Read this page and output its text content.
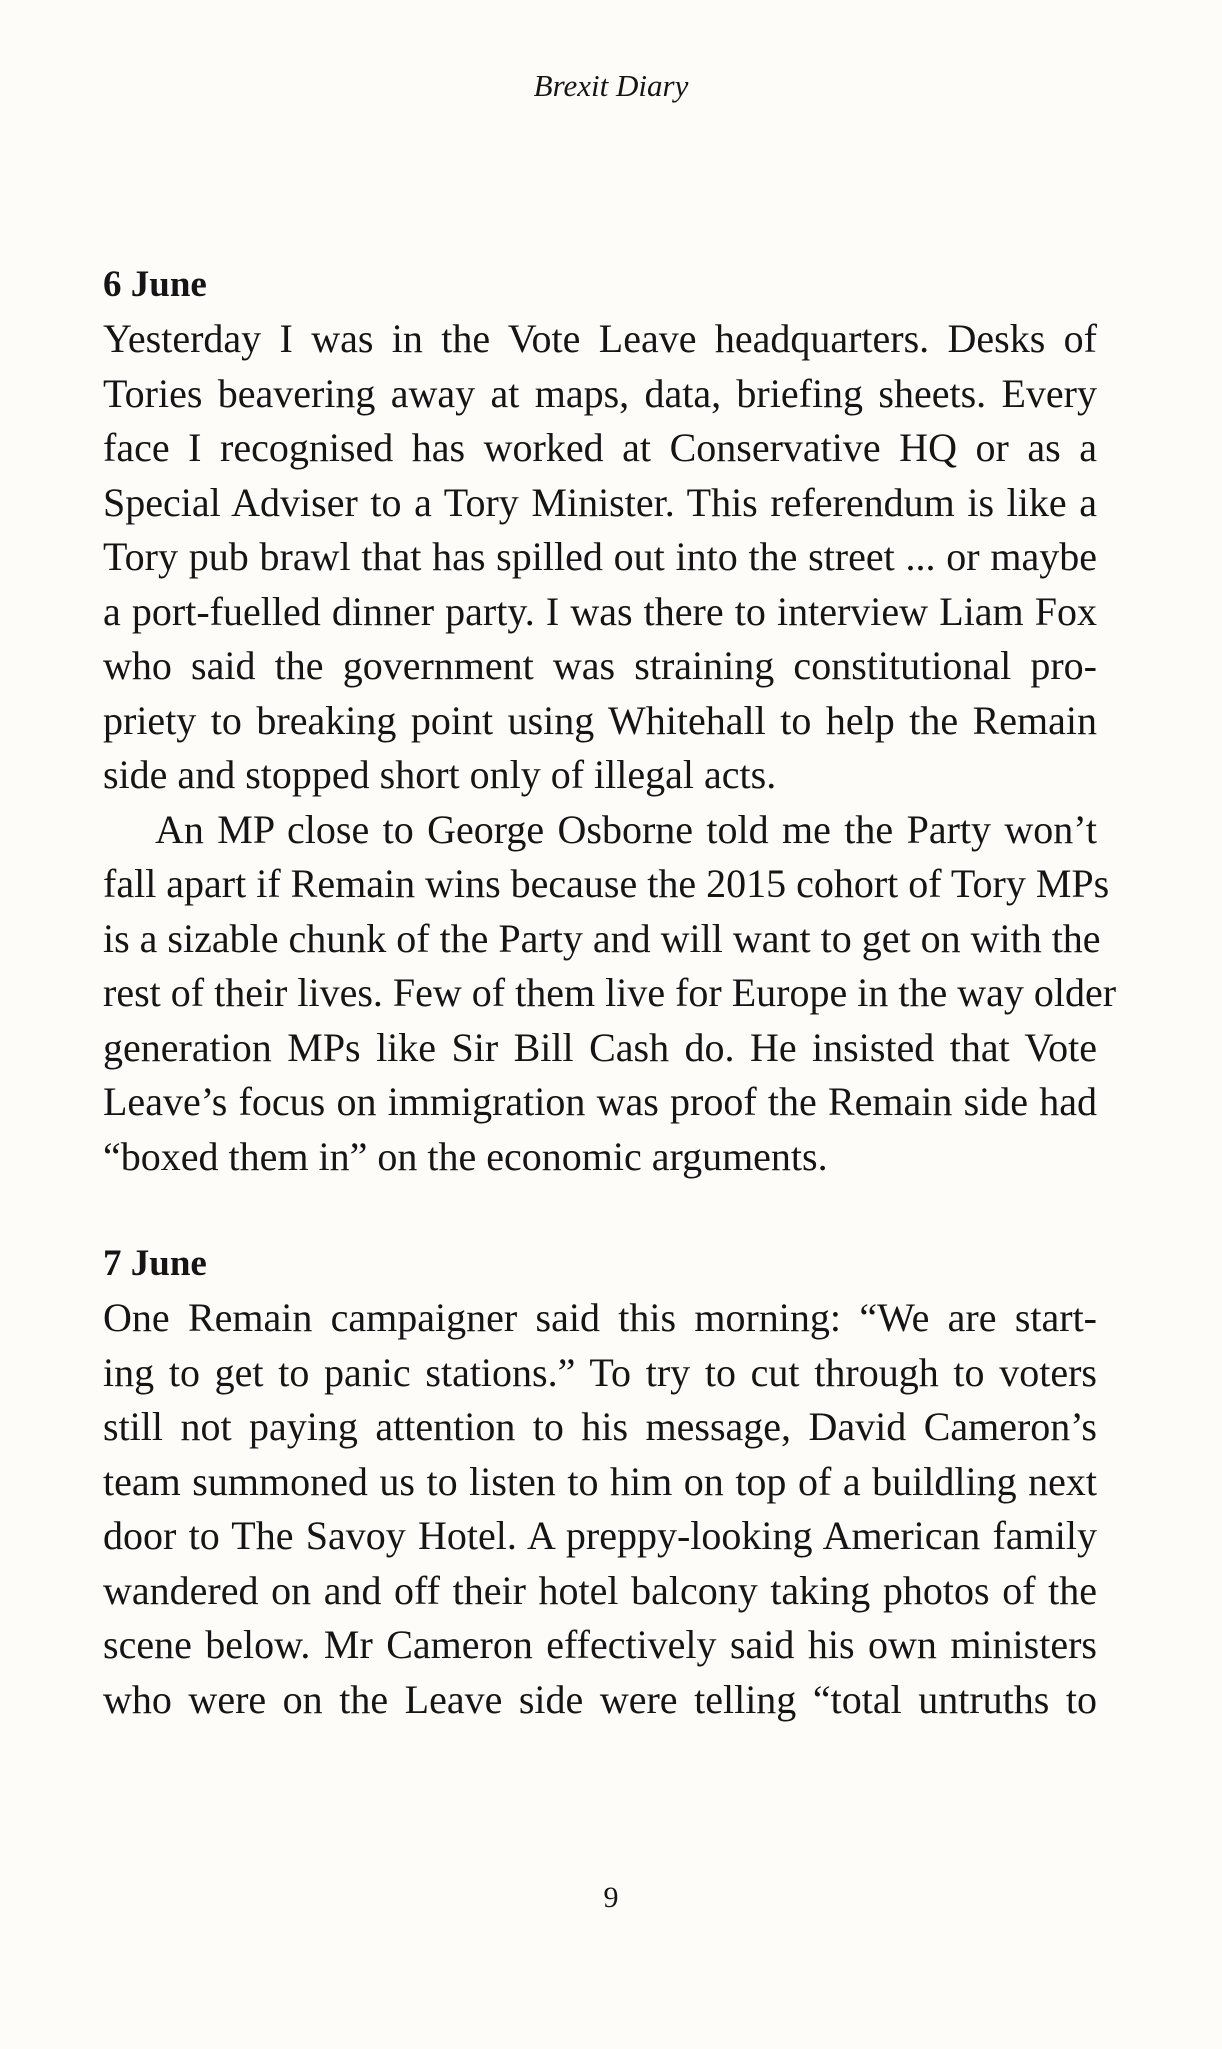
Brexit Diary
6 June
Yesterday I was in the Vote Leave headquarters. Desks of
Tories beavering away at maps, data, briefing sheets. Every
face I recognised has worked at Conservative HQ or as a
Special Adviser to a Tory Minister. This referendum is like a
Tory pub brawl that has spilled out into the street ... or maybe
a port-fuelled dinner party. I was there to interview Liam Fox
who said the government was straining constitutional pro-
priety to breaking point using Whitehall to help the Remain
side and stopped short only of illegal acts.
An MP close to George Osborne told me the Party won’t
fall apart if Remain wins because the 2015 cohort of Tory MPs
is a sizable chunk of the Party and will want to get on with the
rest of their lives. Few of them live for Europe in the way older
generation MPs like Sir Bill Cash do. He insisted that Vote
Leave’s focus on immigration was proof the Remain side had
“boxed them in” on the economic arguments.
7 June
One Remain campaigner said this morning: “We are start-
ing to get to panic stations.” To try to cut through to voters
still not paying attention to his message, David Cameron’s
team summoned us to listen to him on top of a buildling next
door to The Savoy Hotel. A preppy-looking American family
wandered on and off their hotel balcony taking photos of the
scene below. Mr Cameron effectively said his own ministers
who were on the Leave side were telling “total untruths to
9
